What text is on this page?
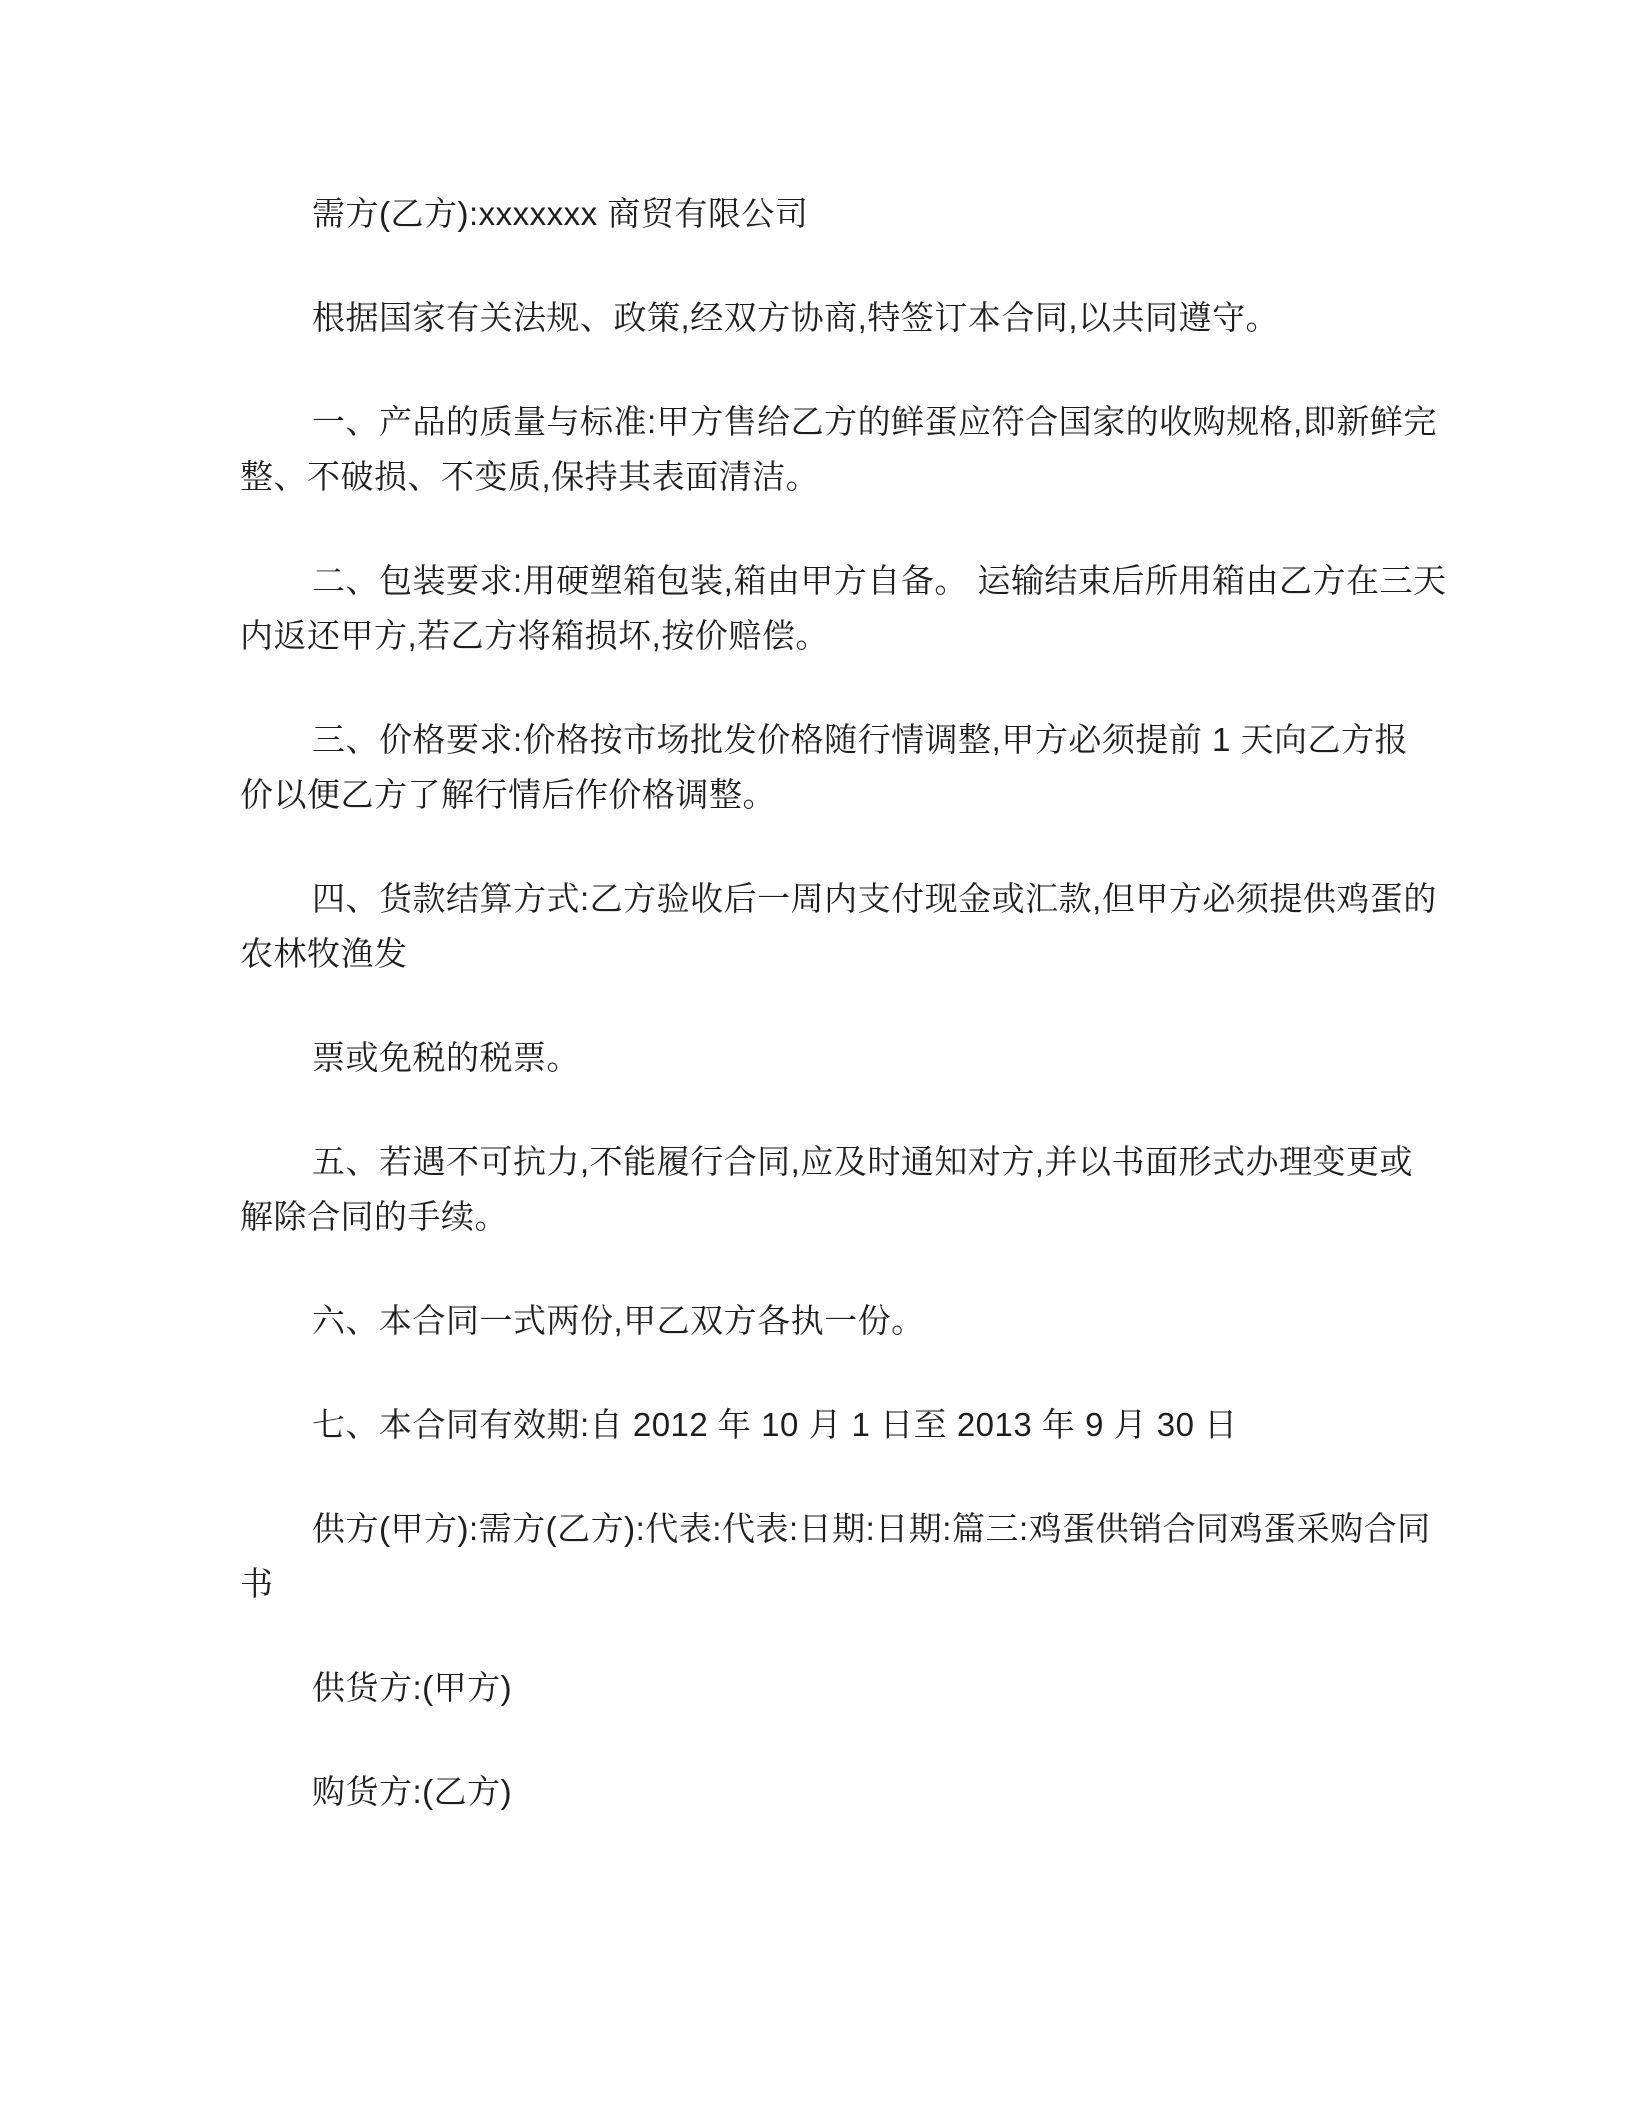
需方(乙方):xxxxxxx 商贸有限公司
根据国家有关法规、政策,经双方协商,特签订本合同,以共同遵守。
一、产品的质量与标准:甲方售给乙方的鲜蛋应符合国家的收购规格,即新鲜完
整、不破损、不变质,保持其表面清洁。
二、包装要求:用硬塑箱包装,箱由甲方自备。 运输结束后所用箱由乙方在三天
内返还甲方,若乙方将箱损坏,按价赔偿。
三、价格要求:价格按市场批发价格随行情调整,甲方必须提前 1 天向乙方报
价以便乙方了解行情后作价格调整。
四、货款结算方式:乙方验收后一周内支付现金或汇款,但甲方必须提供鸡蛋的
农林牧渔发
票或免税的税票。
五、若遇不可抗力,不能履行合同,应及时通知对方,并以书面形式办理变更或
解除合同的手续。
六、本合同一式两份,甲乙双方各执一份。
七、本合同有效期:自 2012 年 10 月 1 日至 2013 年 9 月 30 日
供方(甲方):需方(乙方):代表:代表:日期:日期:篇三:鸡蛋供销合同鸡蛋采购合同
书
供货方:(甲方)
购货方:(乙方)
